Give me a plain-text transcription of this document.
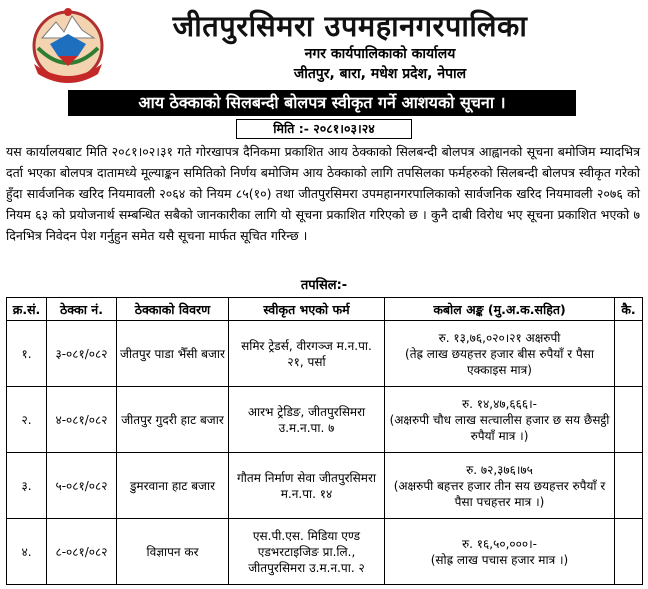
जीतपुरसिमरा उपमहानगरपालिका
नगर कार्यपालिकाको कार्यालय
जीतपुर, बारा, मधेश प्रदेश, नेपाल
आय ठेक्काको सिलबन्दी बोलपत्र स्वीकृत गर्ने आशयको सूचना ।
मिति :- २०८१।०३।२४
यस कार्यालयबाट मिति २०८१।०२।३१ गते गोरखापत्र दैनिकमा प्रकाशित आय ठेक्काको सिलबन्दी बोलपत्र आह्वानको सूचना बमोजिम म्यादभित्र दर्ता भएका बोलपत्र दाताम‍ध्ये मूल्याङ्कन समितिको निर्णय बमोजिम आय ठेक्काको लागि तपसिलका फर्महरुको सिलबन्दी बोलपत्र स्वीकृत गरेको हुँदा सार्वजनिक खरिद नियमावली २०६४ को नियम ८५(१०) तथा जीतपुरसिमरा उपमहानगरपालिकाको सार्वजनिक खरिद नियमावली २०७६ को नियम ६३ को प्रयोजनार्थ सम्बन्धित सबैको जानकारीका लागि यो सूचना प्रकाशित गरिएको छ । कुनै दाबी विरोध भए सूचना प्रकाशित भएको ७ दिनभित्र निवेदन पेश गर्नुहुन समेत यसै सूचना मार्फत सूचित गरिन्छ ।
तपसिल:-
क्र.सं.	ठेक्का नं.	ठेक्काको विवरण	स्वीकृत भएको फर्म	कबोल अङ्क (मु.अ.क.सहित)	कै.
१.	३-०८१/०८२	जीतपुर पाडा भैँसी बजार	समिर ट्रेडर्स, वीरगञ्ज म.न.पा. २१, पर्सा	रु. १३,७६,०२०।२१ अक्षरुपी
(तेह्र लाख छयहत्तर हजार बीस रुपैयाँ र पैसा एक्काइस मात्र)	

२.	४-०८१/०८२	जीतपुर गुदरी हाट बजार	आरभ ट्रेडिङ, जीतपुरसिमरा उ.म.न.पा. ७	रु. १४,४७,६६६।-
(अक्षरुपी चौध लाख सत्चालीस हजार छ सय छैसट्ठी रुपैयाँ मात्र ।)	

३.	५-०८१/०८२	डुमरवाना हाट बजार	गौतम निर्माण सेवा जीतपुरसिमरा म.न.पा. १४	रु. ७२,३७६।७५
(अक्षरुपी बहत्तर हजार तीन सय छयहत्तर रुपैयाँ र पैसा पचहत्तर मात्र ।)	

४.	८-०८१/०८२	विज्ञापन कर	एस.पी.एस. मिडिया एण्ड एडभरटाइजिङ प्रा.लि., जीतपुरसिमरा उ.म.न.पा. २	रु. १६,५०,०००।-
(सोह्र लाख पचास हजार मात्र ।)	
